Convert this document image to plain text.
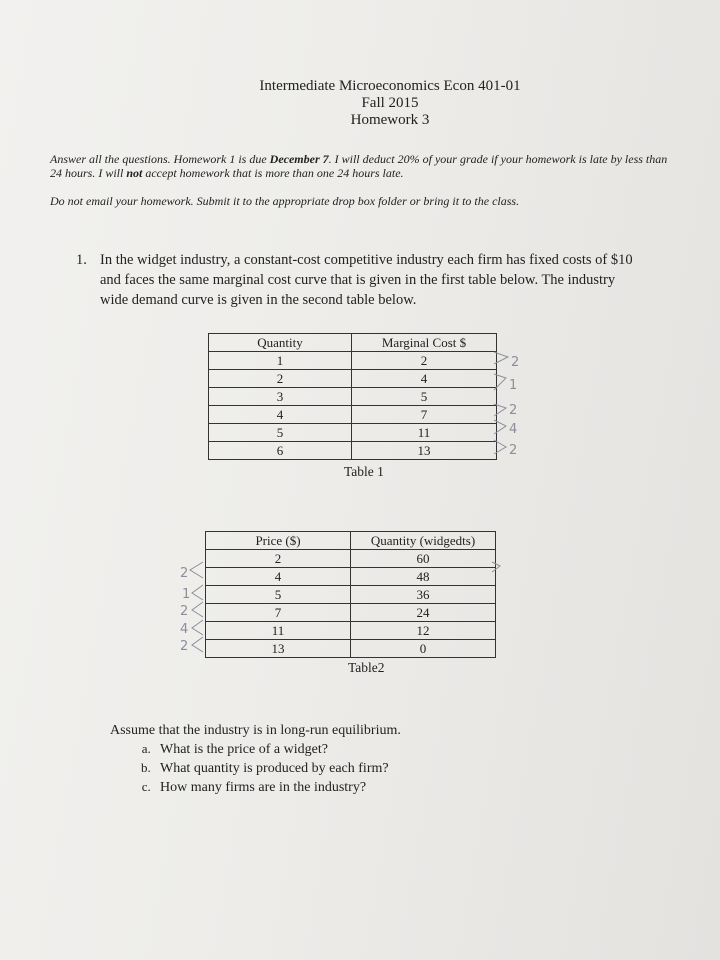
Intermediate Microeconomics Econ 401-01
Fall 2015
Homework 3

Answer all the questions. Homework 1 is due December 7. I will deduct 20% of your grade if your homework is late by less than 24 hours. I will not accept homework that is more than one 24 hours late.

Do not email your homework. Submit it to the appropriate drop box folder or bring it to the class.

1. In the widget industry, a constant-cost competitive industry each firm has fixed costs of $10 and faces the same marginal cost curve that is given in the first table below. The industry wide demand curve is given in the second table below.
Quantity	Marginal Cost $
1	2
2	4
3	5
4	7
5	11
6	13
Table 1
Price ($)	Quantity (widgedts)
2	60
4	48
5	36
7	24
11	12
13	0
Table2
Assume that the industry is in long-run equilibrium.
a. What is the price of a widget?
b. What quantity is produced by each firm?
c. How many firms are in the industry?
2
1
2
4
2
2
1
2
4
2
